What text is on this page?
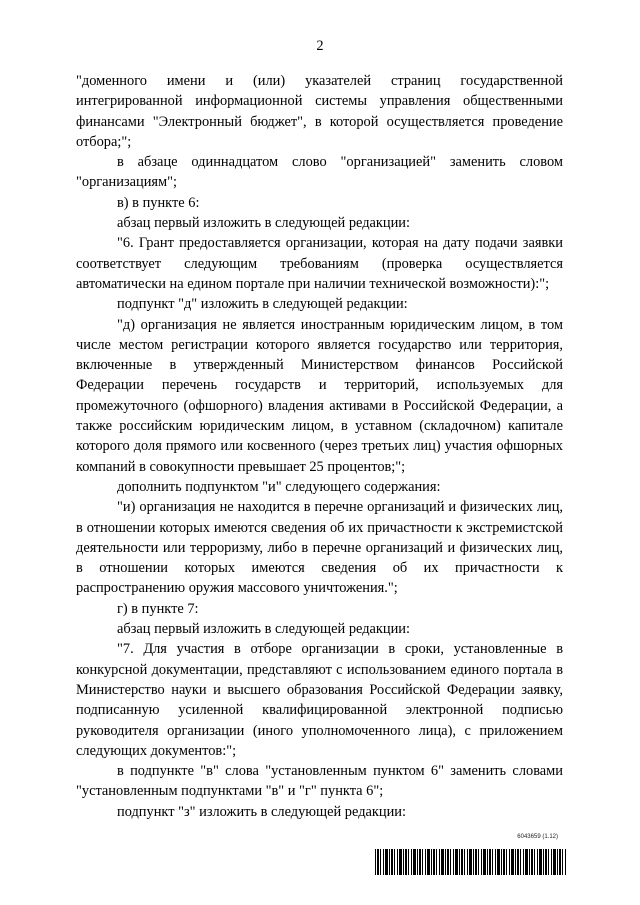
2

"доменного имени и (или) указателей страниц государственной интегрированной информационной системы управления общественными финансами "Электронный бюджет", в которой осуществляется проведение отбора;";

в абзаце одиннадцатом слово "организацией" заменить словом "организациям";

в) в пункте 6:

абзац первый изложить в следующей редакции:

"6. Грант предоставляется организации, которая на дату подачи заявки соответствует следующим требованиям (проверка осуществляется автоматически на едином портале при наличии технической возможности):";

подпункт "д" изложить в следующей редакции:

"д) организация не является иностранным юридическим лицом, в том числе местом регистрации которого является государство или территория, включенные в утвержденный Министерством финансов Российской Федерации перечень государств и территорий, используемых для промежуточного (офшорного) владения активами в Российской Федерации, а также российским юридическим лицом, в уставном (складочном) капитале которого доля прямого или косвенного (через третьих лиц) участия офшорных компаний в совокупности превышает 25 процентов;";

дополнить подпунктом "и" следующего содержания:

"и) организация не находится в перечне организаций и физических лиц, в отношении которых имеются сведения об их причастности к экстремистской деятельности или терроризму, либо в перечне организаций и физических лиц, в отношении которых имеются сведения об их причастности к распространению оружия массового уничтожения.";

г) в пункте 7:

абзац первый изложить в следующей редакции:

"7. Для участия в отборе организации в сроки, установленные в конкурсной документации, представляют с использованием единого портала в Министерство науки и высшего образования Российской Федерации заявку, подписанную усиленной квалифицированной электронной подписью руководителя организации (иного уполномоченного лица), с приложением следующих документов:";

в подпункте "в" слова "установленным пунктом 6" заменить словами "установленным подпунктами "в" и "г" пункта 6";

подпункт "з" изложить в следующей редакции:

6043659 (1.12)
